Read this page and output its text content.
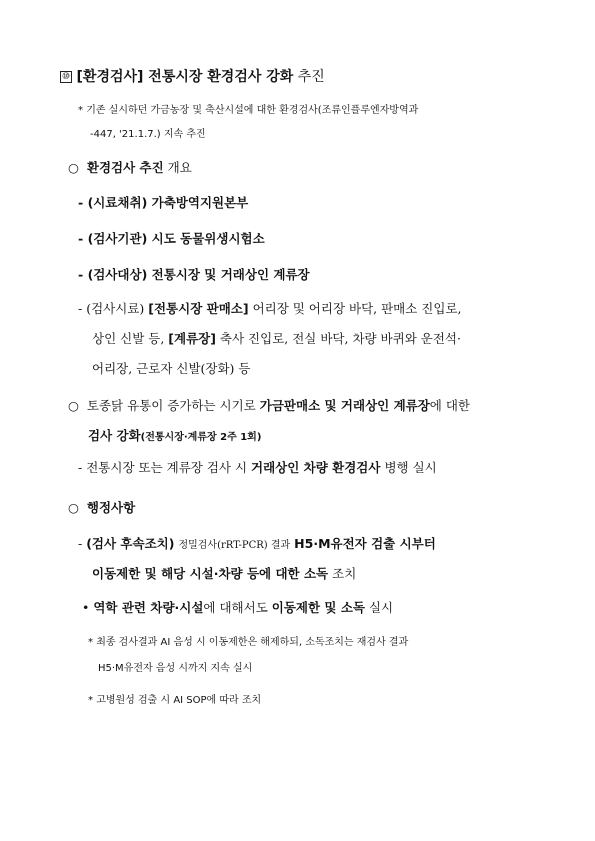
⑩ [환경검사] 전통시장 환경검사 강화 추진
* 기존 실시하던 가금농장 및 축산시설에 대한 환경검사(조류인플루엔자방역과
-447, '21.1.7.) 지속 추진
○ 환경검사 추진 개요
- (시료채취) 가축방역지원본부
- (검사기관) 시도 동물위생시험소
- (검사대상) 전통시장 및 거래상인 계류장
- (검사시료) [전통시장 판매소] 어리장 및 어리장 바닥, 판매소 진입로,
상인 신발 등, [계류장] 축사 진입로, 전실 바닥, 차량 바퀴와 운전석·
어리장, 근로자 신발(장화) 등
○ 토종닭 유통이 증가하는 시기로 가금판매소 및 거래상인 계류장에 대한
검사 강화(전통시장·계류장 2주 1회)
- 전통시장 또는 계류장 검사 시 거래상인 차량 환경검사 병행 실시
○ 행정사항
- (검사 후속조치) 정밀검사(rRT-PCR) 결과 H5·M유전자 검출 시부터
이동제한 및 해당 시설·차량 등에 대한 소독 조치
• 역학 관련 차량·시설에 대해서도 이동제한 및 소독 실시
* 최종 검사결과 AI 음성 시 이동제한은 해제하되, 소독조치는 재검사 결과
H5·M유전자 음성 시까지 지속 실시
* 고병원성 검출 시 AI SOP에 따라 조치
